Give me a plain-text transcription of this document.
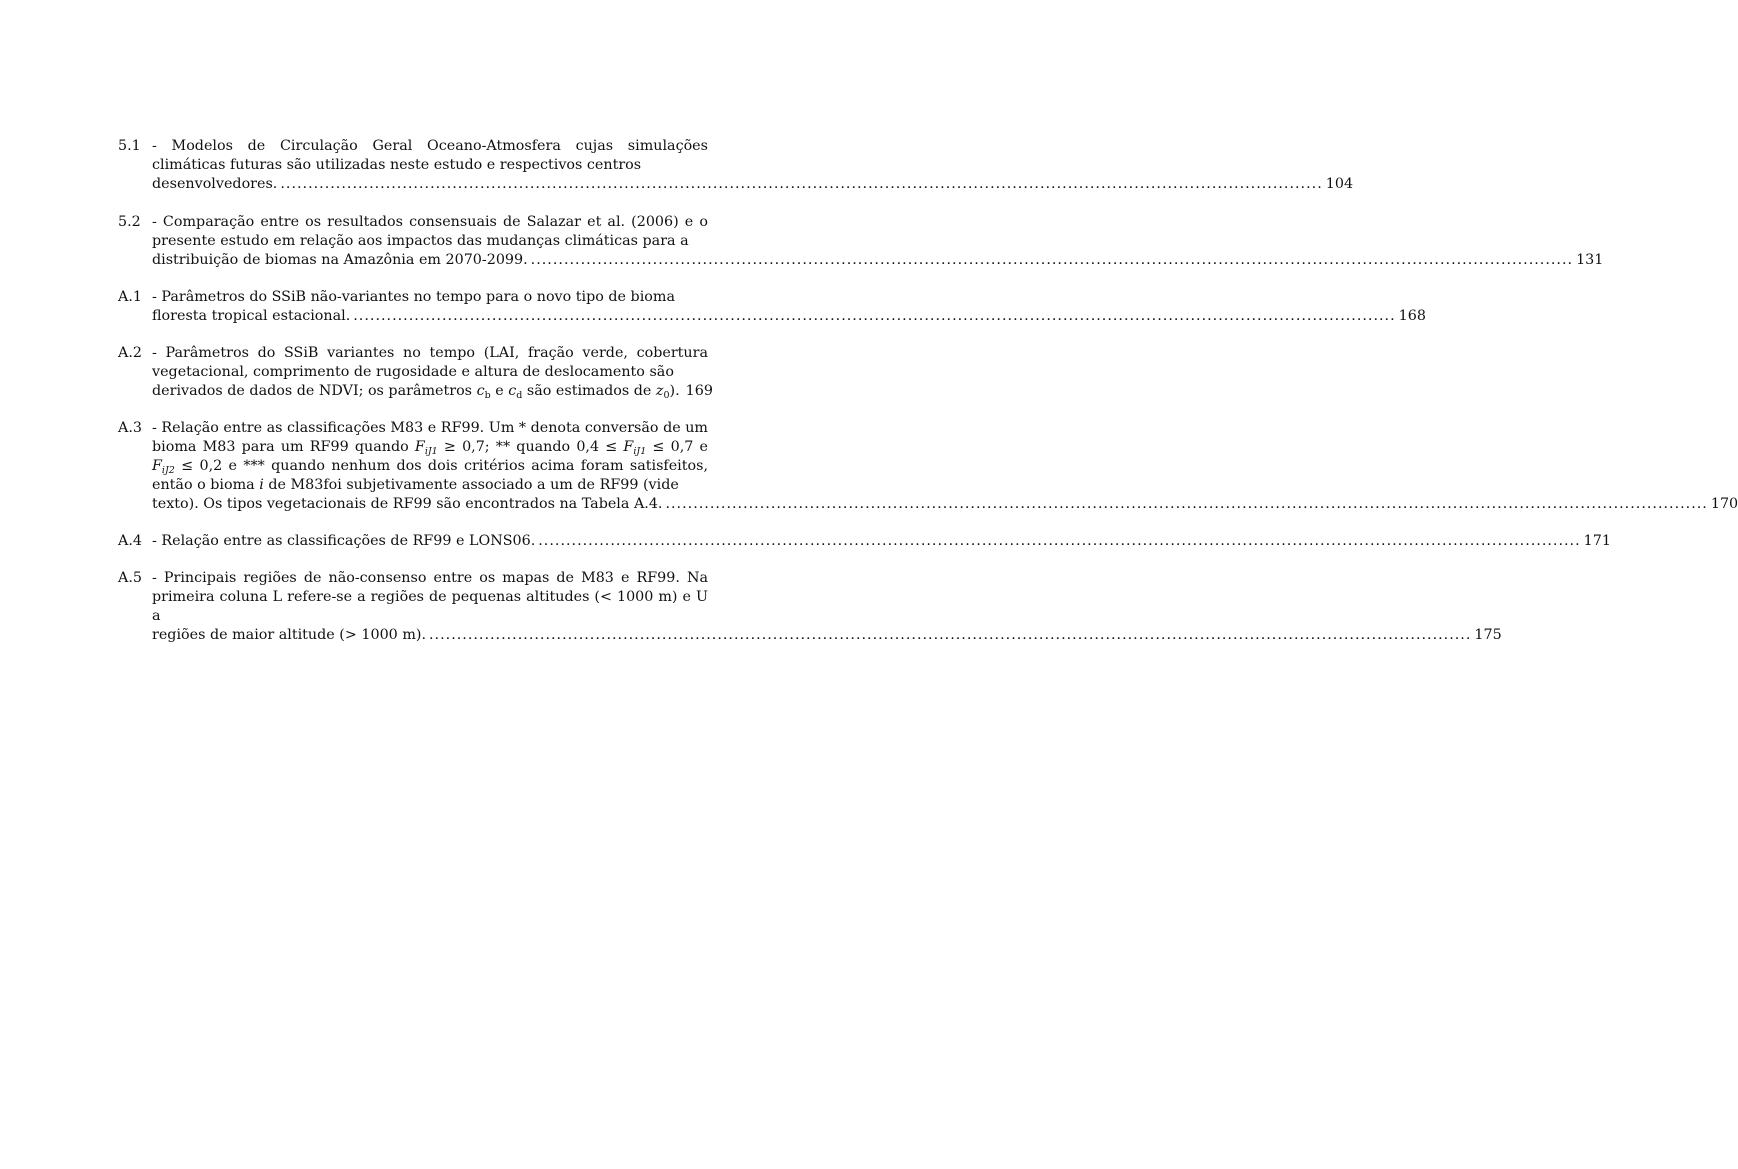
5.1 - Modelos de Circulação Geral Oceano-Atmosfera cujas simulações climáticas futuras são utilizadas neste estudo e respectivos centros
desenvolvedores. ............................................................................................................................................................................................ 104
5.2 - Comparação entre os resultados consensuais de Salazar et al. (2006) e o presente estudo em relação aos impactos das mudanças climáticas para a
distribuição de biomas na Amazônia em 2070-2099. ............................................................................................................................................................................................ 131
A.1 - Parâmetros do SSiB não-variantes no tempo para o novo tipo de bioma
floresta tropical estacional. ............................................................................................................................................................................................ 168
A.2 - Parâmetros do SSiB variantes no tempo (LAI, fração verde, cobertura vegetacional, comprimento de rugosidade e altura de deslocamento são
derivados de dados de NDVI; os parâmetros $c_b$ e $c_d$ são estimados de $z_0$). 169
A.3 - Relação entre as classificações M83 e RF99. Um * denota conversão de um bioma M83 para um RF99 quando $F_{iJ1} \ge 0,7$; ** quando $0,4 \le F_{iJ1} \le 0,7$ e $F_{iJ2} \le 0,2$ e *** quando nenhum dos dois critérios acima foram satisfeitos, então o bioma i de M83foi subjetivamente associado a um de RF99 (vide
texto). Os tipos vegetacionais de RF99 são encontrados na Tabela A.4. ............................................................................................................................................................................................ 170
A.4 - Relação entre as classificações de RF99 e LONS06. ............................................................................................................................................................................................ 171
A.5 - Principais regiões de não-consenso entre os mapas de M83 e RF99. Na primeira coluna L refere-se a regiões de pequenas altitudes (< 1000 m) e U a
regiões de maior altitude (> 1000 m). ............................................................................................................................................................................................ 175
